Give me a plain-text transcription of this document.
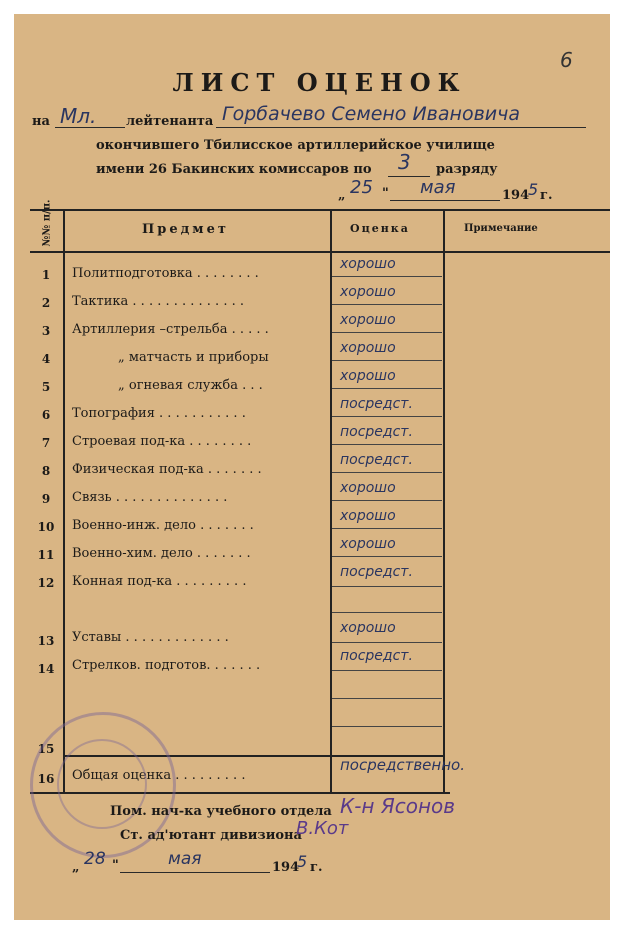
6
ЛИСТ ОЦЕНОК
на Мл. лейтенанта Горбачево Семено Ивановича
окончившего Тбилисское артиллерийское училище
имени 26 Бакинских комиссаров по 3 разряду
„ 25 " мая	194
5 г.
№№ п/п.	Предмет	Оценка	Примечание
1	Политподготовка . . . . . . . .
хорошо
2	Тактика . . . . . . . . . . . . . .
хорошо
3	Артиллерия –стрельба . . . . .
хорошо
4	„ матчасть и приборы
хорошо
5	„ огневая служба . . .
хорошо
6	Топография . . . . . . . . . . .
посредст.
7	Строевая под-ка . . . . . . . .
посредст.
8	Физическая под-ка . . . . . . .
посредст.
9	Связь . . . . . . . . . . . . . .
хорошо
10	Военно-инж. дело . . . . . . .
хорошо
11	Военно-хим. дело . . . . . . .
хорошо
12	Конная под-ка . . . . . . . . .
посредст.
13	Уставы . . . . . . . . . . . . .
хорошо
14	Стрелков. подготов. . . . . . .
посредст.
15
16	Общая оценка . . . . . . . . .
посредственно.
Пом. нач-ка учебного отдела К-н Ясонов
Ст. ад'ютант дивизиона
В.Кот
„ 28 "	мая	194
5 г.
